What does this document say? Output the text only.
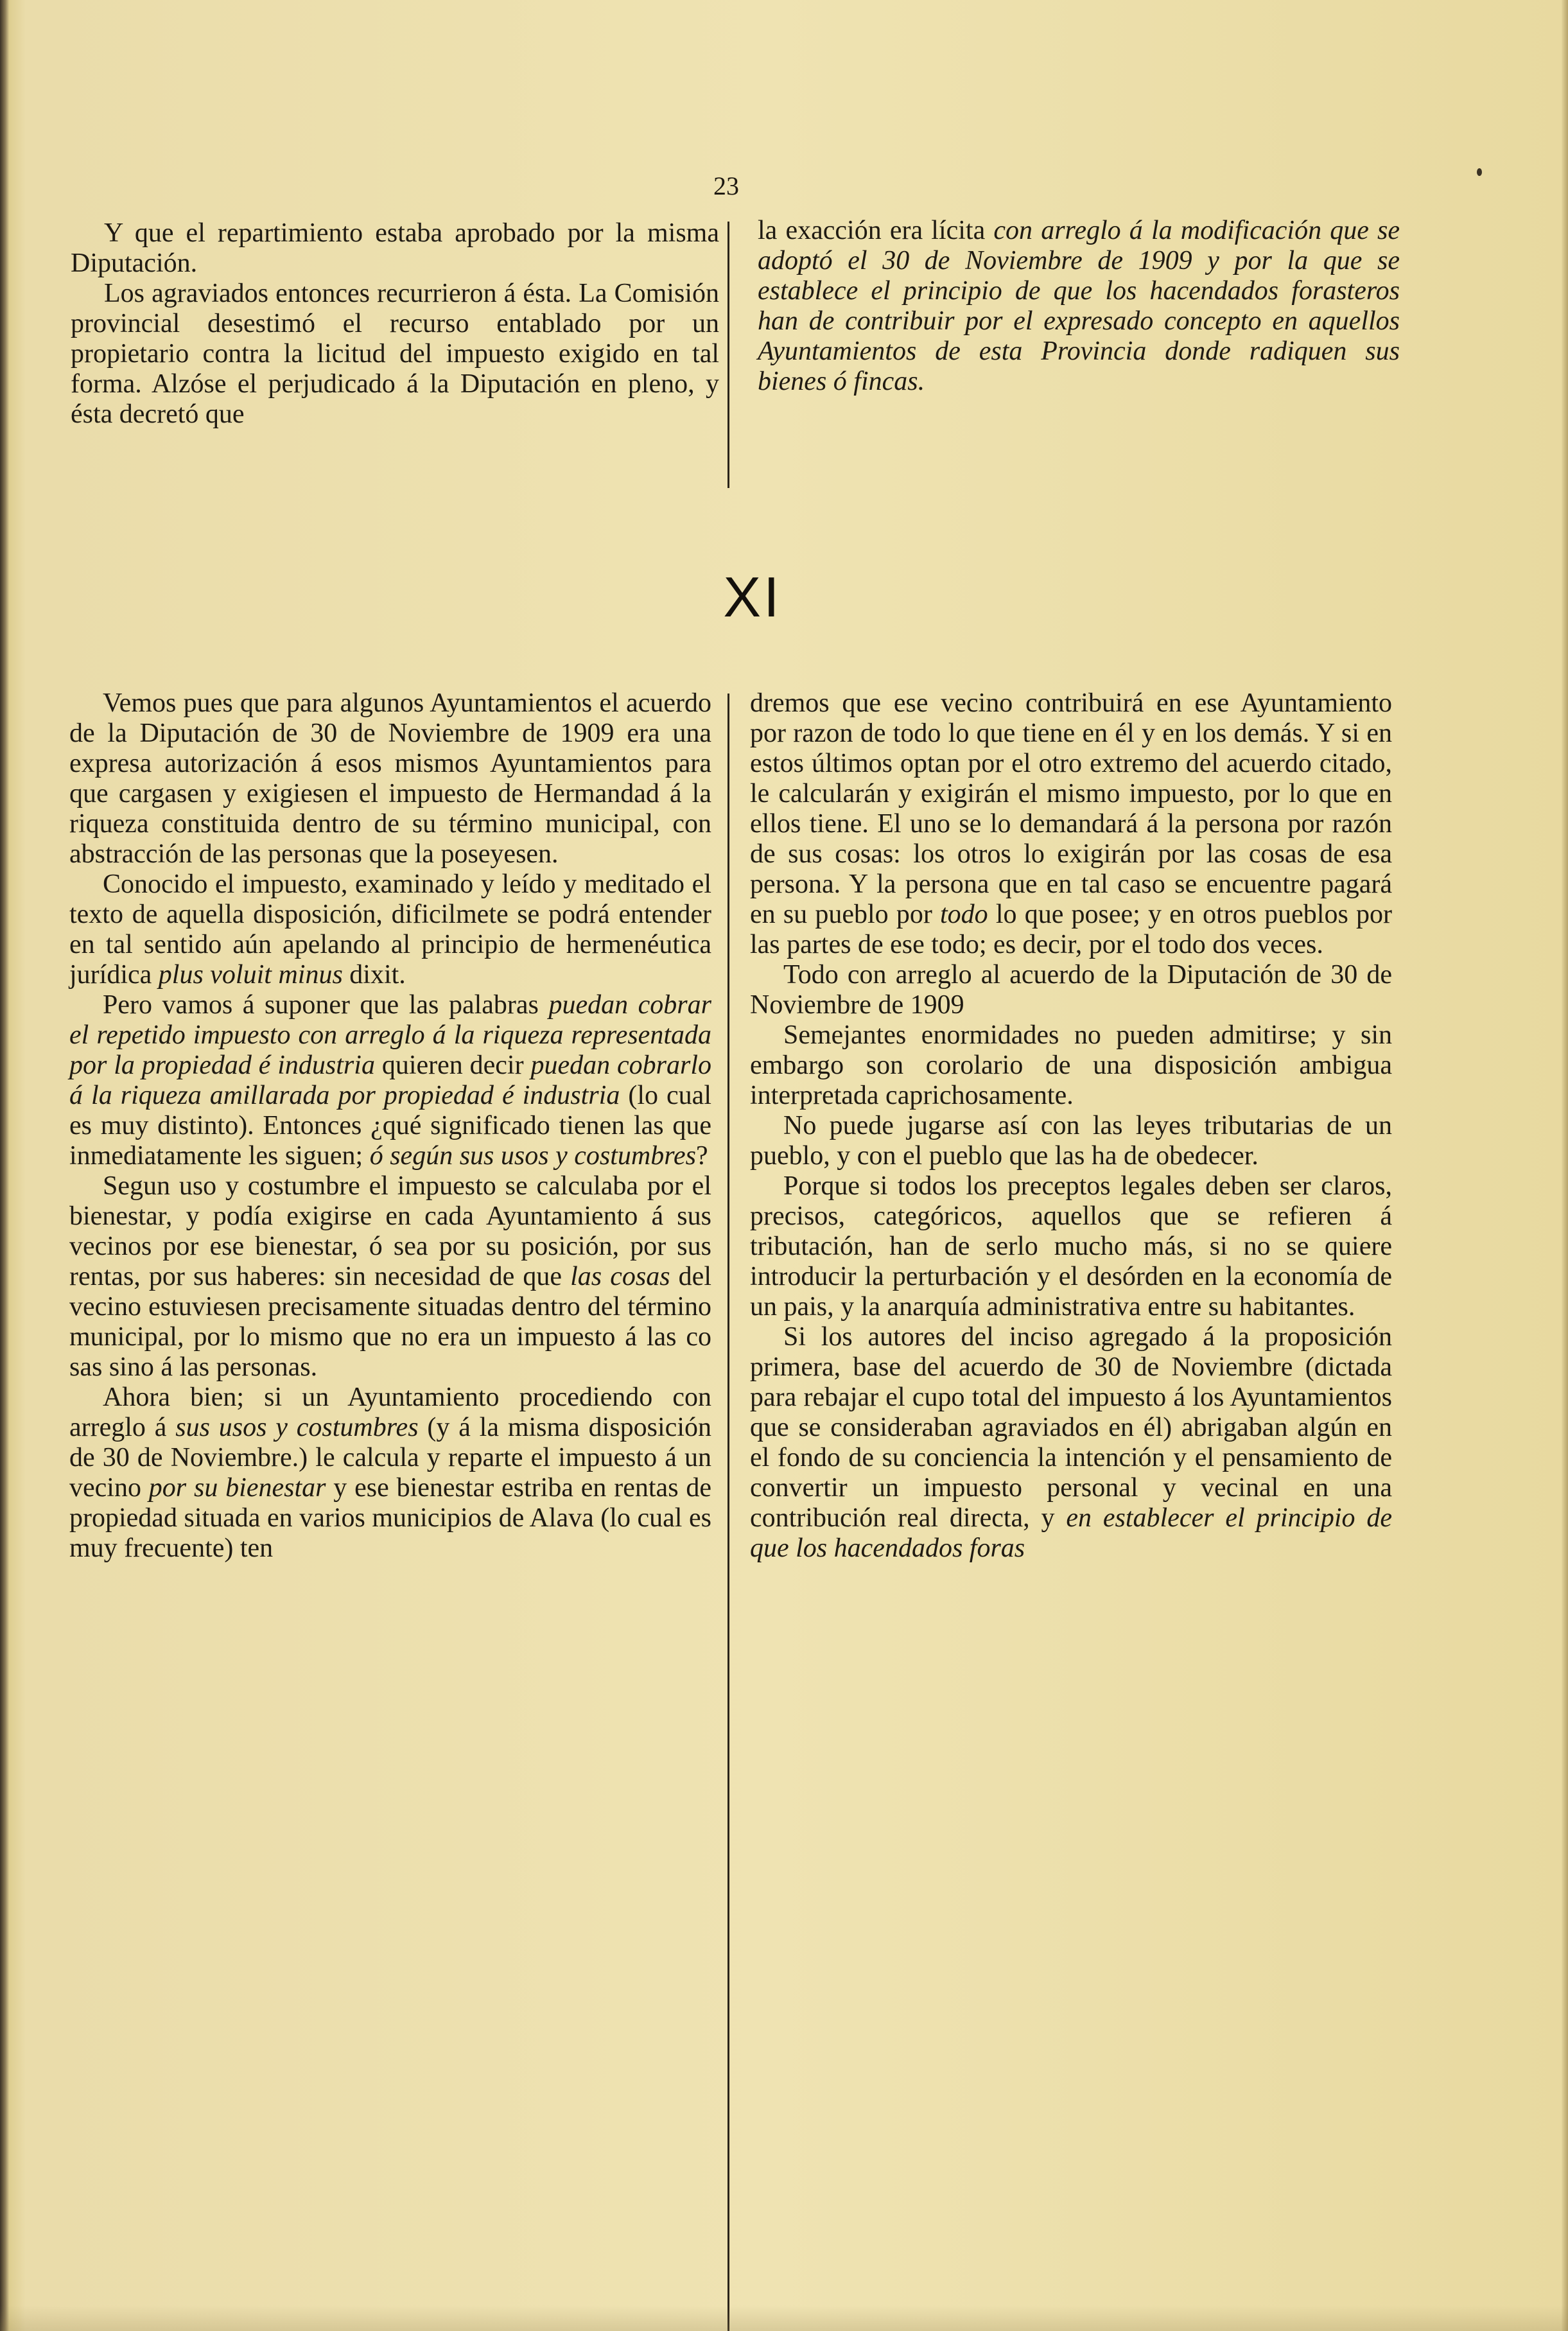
23

Y que el repartimiento estaba aprobado por la misma Diputación.

Los agraviados entonces recurrieron á ésta. La Comisión provincial desestimó el recurso entablado por un propietario contra la licitud del impuesto exigido en tal forma. Alzóse el perjudicado á la Diputación en pleno, y ésta decretó que

la exacción era lícita con arreglo á la modificación que se adoptó el 30 de Noviembre de 1909 y por la que se establece el principio de que los hacendados forasteros han de contribuir por el expresado concepto en aquellos Ayuntamientos de esta Provincia donde radiquen sus bienes ó fincas.

XI

Vemos pues que para algunos Ayuntamientos el acuerdo de la Diputación de 30 de Noviembre de 1909 era una expresa autorización á esos mismos Ayuntamientos para que cargasen y exigiesen el impuesto de Hermandad á la riqueza constituida dentro de su término municipal, con abstracción de las personas que la poseyesen.

Conocido el impuesto, examinado y leído y meditado el texto de aquella disposición, dificilmete se podrá entender en tal sentido aún apelando al principio de hermenéutica jurídica plus voluit minus dixit.

Pero vamos á suponer que las palabras puedan cobrar el repetido impuesto con arreglo á la riqueza representada por la propiedad é industria quieren decir puedan cobrarlo á la riqueza amillarada por propiedad é industria (lo cual es muy distinto). Entonces ¿qué significado tienen las que inmediatamente les siguen; ó según sus usos y costumbres?

Segun uso y costumbre el impuesto se calculaba por el bienestar, y podía exigirse en cada Ayuntamiento á sus vecinos por ese bienestar, ó sea por su posición, por sus rentas, por sus haberes: sin necesidad de que las cosas del vecino estuviesen precisamente situadas dentro del término municipal, por lo mismo que no era un impuesto á las co sas sino á las personas.

Ahora bien; si un Ayuntamiento procediendo con arreglo á sus usos y costumbres (y á la misma disposición de 30 de Noviembre.) le calcula y reparte el impuesto á un vecino por su bienestar y ese bienestar estriba en rentas de propiedad situada en varios municipios de Alava (lo cual es muy frecuente) ten

dremos que ese vecino contribuirá en ese Ayuntamiento por razon de todo lo que tiene en él y en los demás. Y si en estos últimos optan por el otro extremo del acuerdo citado, le calcularán y exigirán el mismo impuesto, por lo que en ellos tiene. El uno se lo demandará á la persona por razón de sus cosas: los otros lo exigirán por las cosas de esa persona. Y la persona que en tal caso se encuentre pagará en su pueblo por todo lo que posee; y en otros pueblos por las partes de ese todo; es decir, por el todo dos veces.

Todo con arreglo al acuerdo de la Diputación de 30 de Noviembre de 1909

Semejantes enormidades no pueden admitirse; y sin embargo son corolario de una disposición ambigua interpretada caprichosamente.

No puede jugarse así con las leyes tributarias de un pueblo, y con el pueblo que las ha de obedecer.

Porque si todos los preceptos legales deben ser claros, precisos, categóricos, aquellos que se refieren á tributación, han de serlo mucho más, si no se quiere introducir la perturbación y el desórden en la economía de un pais, y la anarquía administrativa entre su habitantes.

Si los autores del inciso agregado á la proposición primera, base del acuerdo de 30 de Noviembre (dictada para rebajar el cupo total del impuesto á los Ayuntamientos que se consideraban agraviados en él) abrigaban algún en el fondo de su conciencia la intención y el pensamiento de convertir un impuesto personal y vecinal en una contribución real directa, y en establecer el principio de que los hacendados foras
